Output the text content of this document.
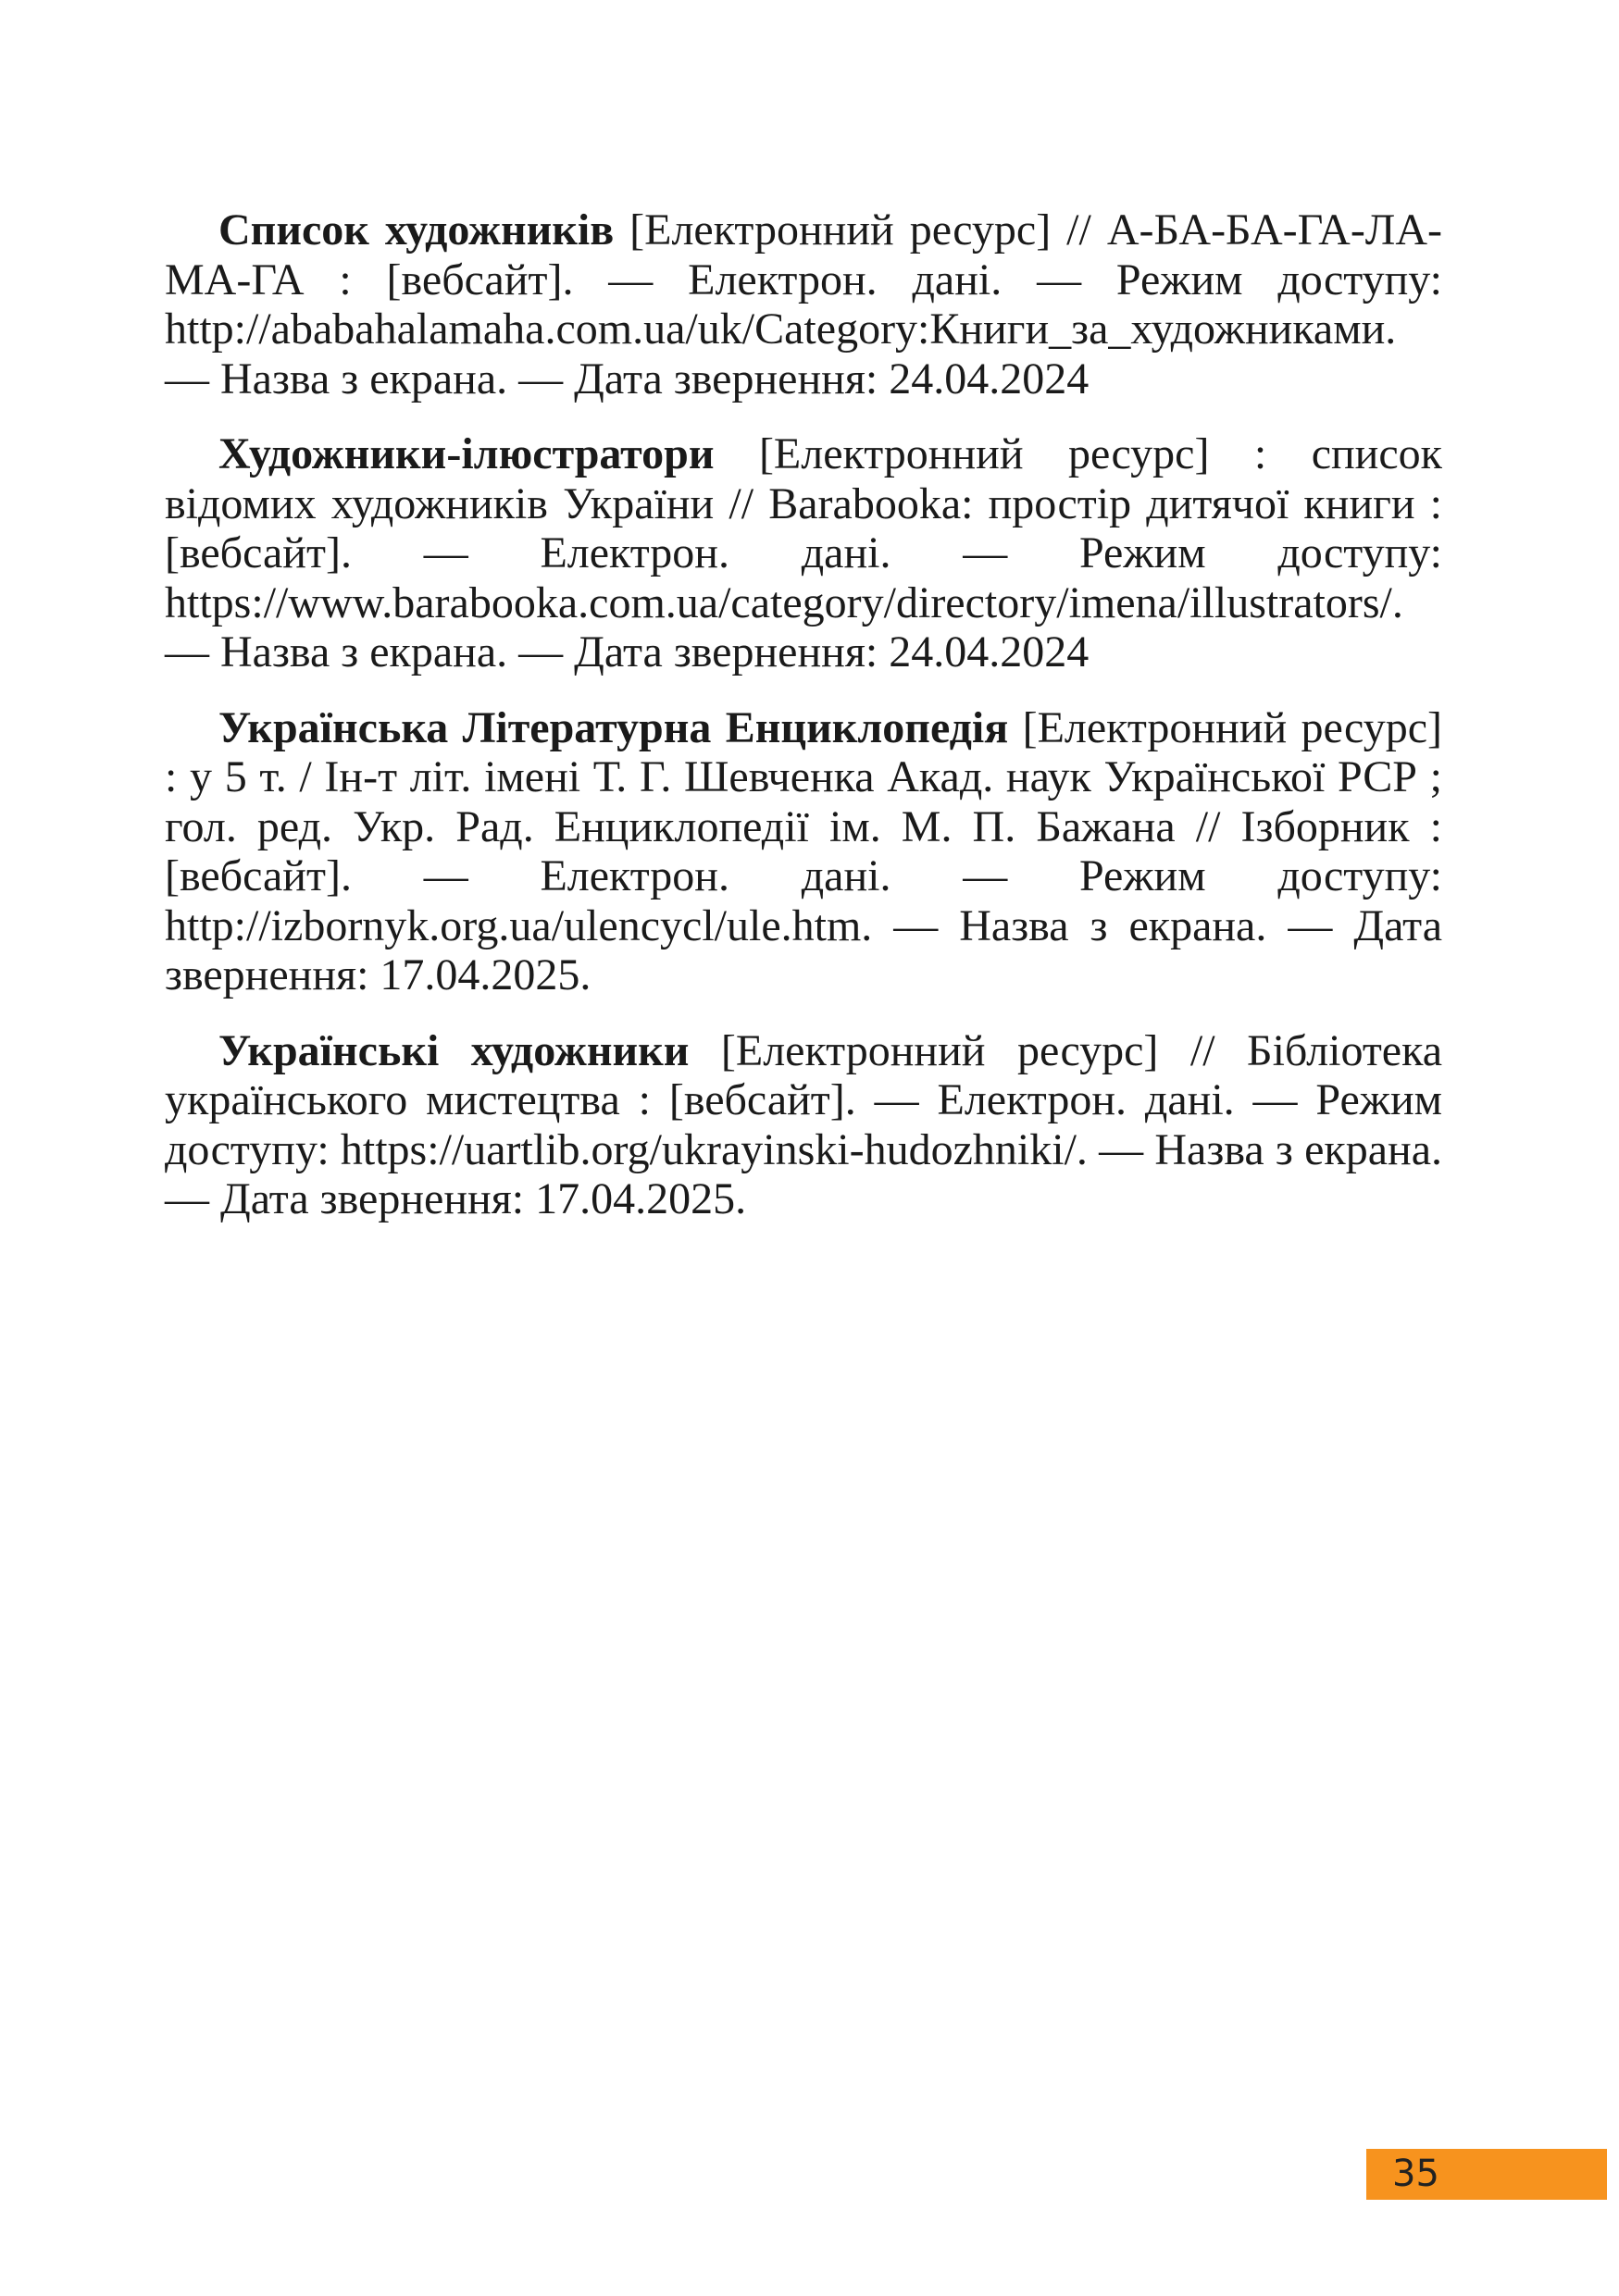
Список художників [Електронний ресурс] // А-БА-БА-ГА-ЛА-МА-ГА : [вебсайт]. — Електрон. дані. — Режим доступу: http://ababahalamaha.com.ua/uk/Category:Книги_за_художниками. — Назва з екрана. — Дата звернення: 24.04.2024

Художники-ілюстратори [Електронний ресурс] : список відомих художників України // Barabooka: простір дитячої книги : [вебсайт]. — Електрон. дані. — Режим доступу: https://www.barabooka.com.ua/category/directory/imena/illustrators/. — Назва з екрана. — Дата звернення: 24.04.2024

Українська Літературна Енциклопедія [Електронний ресурс] : у 5 т. / Ін-т літ. імені Т. Г. Шевченка Акад. наук Української РСР ; гол. ред. Укр. Рад. Енциклопедії ім. М. П. Бажана // Ізборник : [вебсайт]. — Електрон. дані. — Режим доступу: http://izbornyk.org.ua/ulencycl/ule.htm. — Назва з екрана. — Дата звернення: 17.04.2025.

Українські художники [Електронний ресурс] // Бібліотека українського мистецтва : [вебсайт]. — Електрон. дані. — Режим доступу: https://uartlib.org/ukrayinski-hudozhniki/. — Назва з екрана. — Дата звернення: 17.04.2025.

35
